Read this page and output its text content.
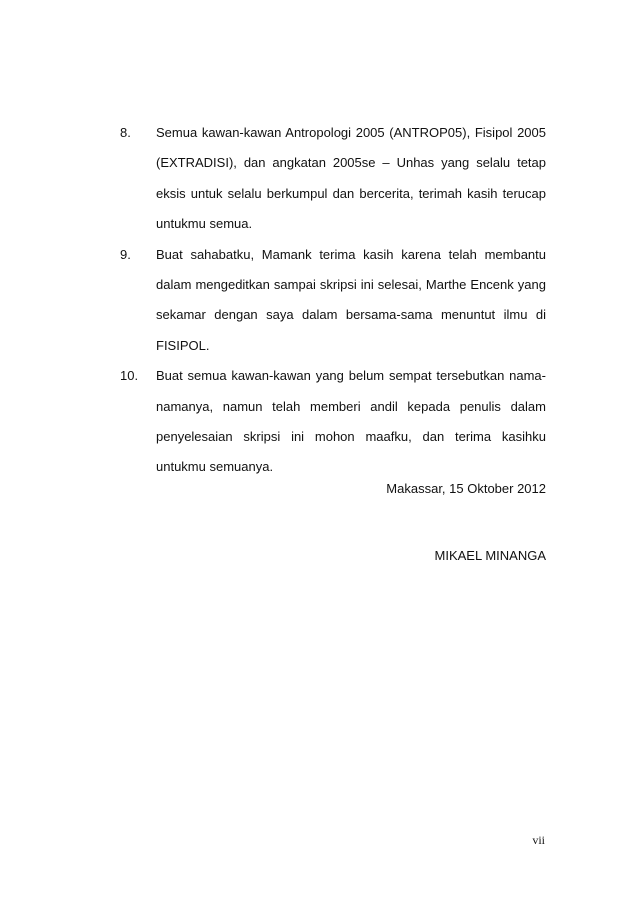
8. Semua kawan-kawan Antropologi 2005 (ANTROP05), Fisipol 2005 (EXTRADISI), dan angkatan 2005se – Unhas yang selalu tetap eksis untuk selalu berkumpul dan bercerita, terimah kasih terucap untukmu semua.
9. Buat sahabatku, Mamank terima kasih karena telah membantu dalam mengeditkan sampai skripsi ini selesai, Marthe Encenk yang sekamar dengan saya dalam bersama-sama menuntut ilmu di FISIPOL.
10. Buat semua kawan-kawan yang belum sempat tersebutkan nama-namanya, namun telah memberi andil kepada penulis dalam penyelesaian skripsi ini mohon maafku, dan terima kasihku untukmu semuanya.
Makassar, 15 Oktober 2012
MIKAEL MINANGA
vii
